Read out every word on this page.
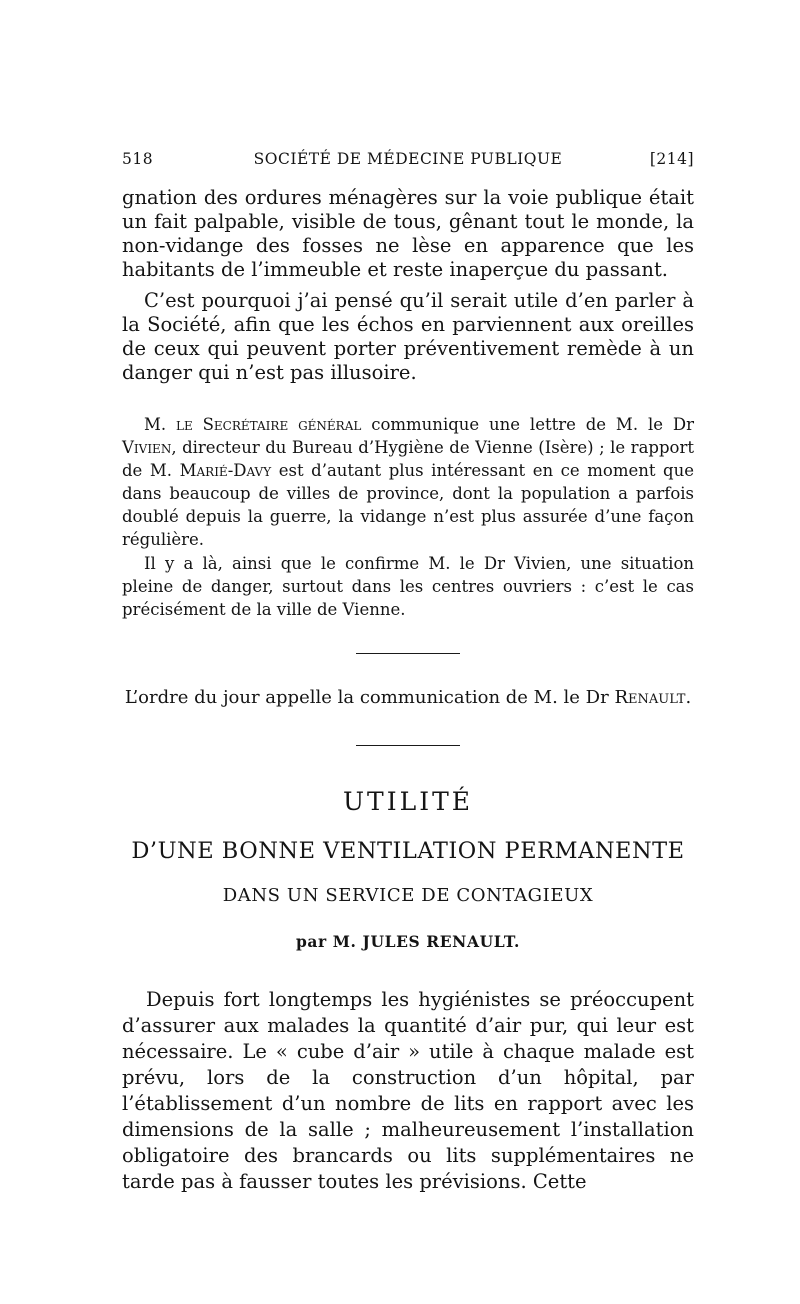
518	SOCIÉTÉ DE MÉDECINE PUBLIQUE	[214]

gnation des ordures ménagères sur la voie publique était un fait palpable, visible de tous, gênant tout le monde, la non-vidange des fosses ne lèse en apparence que les habitants de l’immeuble et reste inaperçue du passant.

C’est pourquoi j’ai pensé qu’il serait utile d’en parler à la Société, afin que les échos en parviennent aux oreilles de ceux qui peuvent porter préventivement remède à un danger qui n’est pas illusoire.

M. le Secrétaire général communique une lettre de M. le Dr Vivien, directeur du Bureau d’Hygiène de Vienne (Isère) ; le rapport de M. Marié-Davy est d’autant plus intéressant en ce moment que dans beaucoup de villes de province, dont la population a parfois doublé depuis la guerre, la vidange n’est plus assurée d’une façon régulière.

Il y a là, ainsi que le confirme M. le Dr Vivien, une situation pleine de danger, surtout dans les centres ouvriers : c’est le cas précisément de la ville de Vienne.

L’ordre du jour appelle la communication de M. le Dr Renault.
UTILITÉ
D’UNE BONNE VENTILATION PERMANENTE
DANS UN SERVICE DE CONTAGIEUX
par M. JULES RENAULT.

Depuis fort longtemps les hygiénistes se préoccupent d’assurer aux malades la quantité d’air pur, qui leur est nécessaire. Le « cube d’air » utile à chaque malade est prévu, lors de la construction d’un hôpital, par l’établissement d’un nombre de lits en rapport avec les dimensions de la salle ; malheureusement l’installation obligatoire des brancards ou lits supplémentaires ne tarde pas à fausser toutes les prévisions. Cette
